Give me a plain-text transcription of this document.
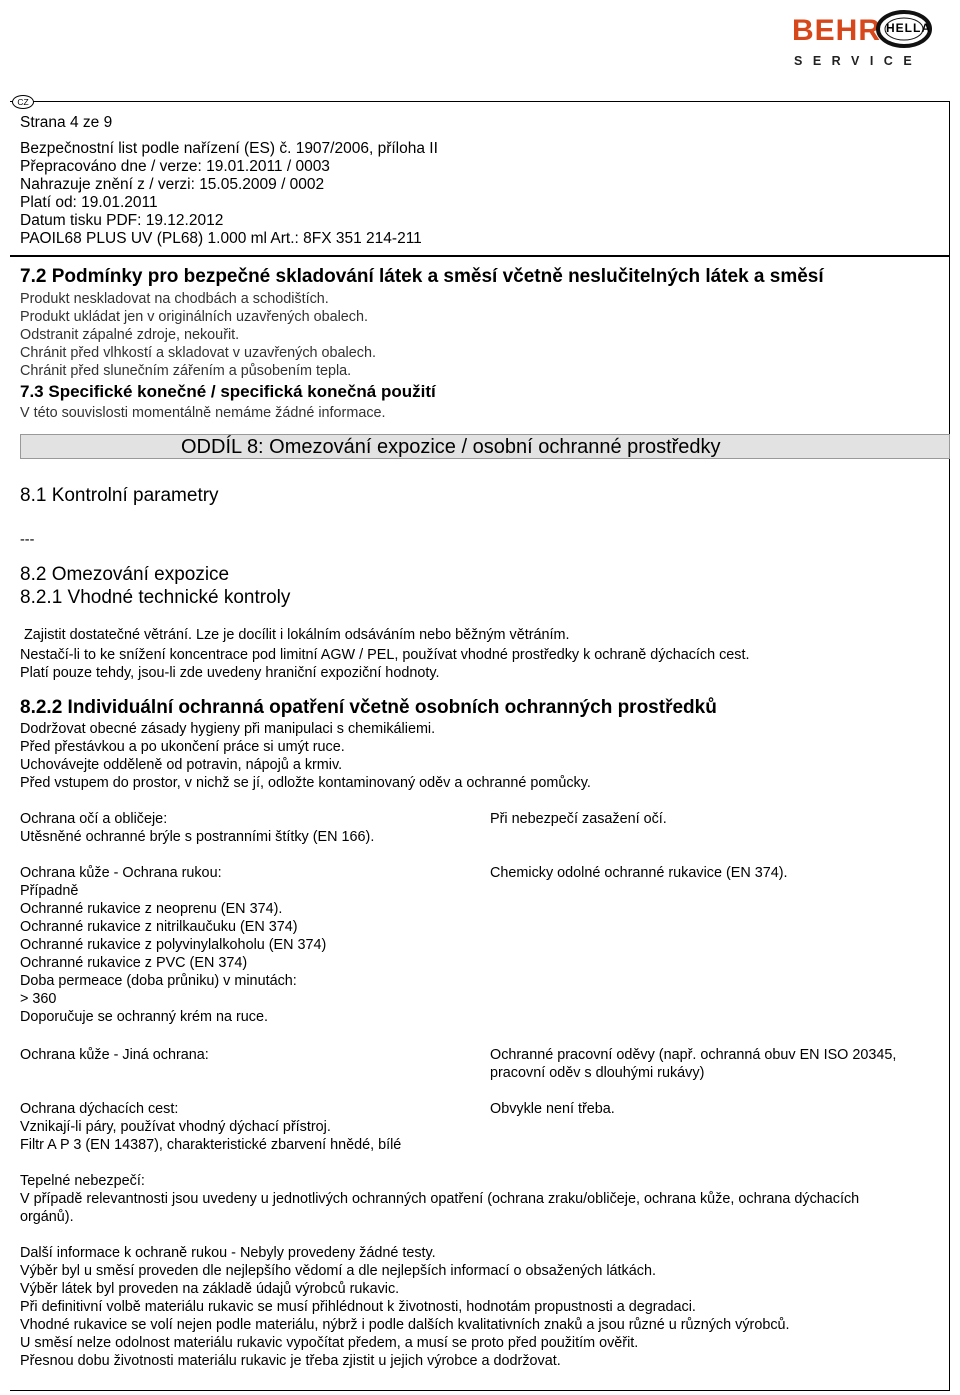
BEHR HELLA
SERVICE
CZ
Strana 4 ze 9
Bezpečnostní list podle nařízení (ES) č. 1907/2006, příloha II
Přepracováno dne / verze: 19.01.2011 / 0003
Nahrazuje znění z / verzi: 15.05.2009 / 0002
Platí od: 19.01.2011
Datum tisku PDF: 19.12.2012
PAOIL68 PLUS UV (PL68) 1.000 ml Art.: 8FX 351 214-211
7.2 Podmínky pro bezpečné skladování látek a směsí včetně neslučitelných látek a směsí
Produkt neskladovat na chodbách a schodištích.
Produkt ukládat jen v originálních uzavřených obalech.
Odstranit zápalné zdroje, nekouřit.
Chránit před vlhkostí a skladovat v uzavřených obalech.
Chránit před slunečním zářením a působením tepla.
7.3 Specifické konečné / specifická konečná použití
V této souvislosti momentálně nemáme žádné informace.
ODDÍL 8: Omezování expozice / osobní ochranné prostředky
8.1 Kontrolní parametry
---
8.2 Omezování expozice
8.2.1 Vhodné technické kontroly
Zajistit dostatečné větrání. Lze je docílit i lokálním odsáváním nebo běžným větráním.
Nestačí-li to ke snížení koncentrace pod limitní AGW / PEL, používat vhodné prostředky k ochraně dýchacích cest.
Platí pouze tehdy, jsou-li zde uvedeny hraniční expoziční hodnoty.
8.2.2 Individuální ochranná opatření včetně osobních ochranných prostředků
Dodržovat obecné zásady hygieny při manipulaci s chemikáliemi.
Před přestávkou a po ukončení práce si umýt ruce.
Uchovávejte odděleně od potravin, nápojů a krmiv.
Před vstupem do prostor, v nichž se jí, odložte kontaminovaný oděv a ochranné pomůcky.
Ochrana očí a obličeje:
Utěsněné ochranné brýle s postranními štítky (EN 166).
Při nebezpečí zasažení očí.
Ochrana kůže - Ochrana rukou:
Případně
Ochranné rukavice z neoprenu (EN 374).
Ochranné rukavice z nitrilkaučuku (EN 374)
Ochranné rukavice z polyvinylalkoholu (EN 374)
Ochranné rukavice z PVC (EN 374)
Doba permeace (doba průniku) v minutách:
> 360
Doporučuje se ochranný krém na ruce.
Chemicky odolné ochranné rukavice (EN 374).
Ochrana kůže - Jiná ochrana:	Ochranné pracovní oděvy (např. ochranná obuv EN ISO 20345,
pracovní oděv s dlouhými rukávy)
Ochrana dýchacích cest:
Vznikají-li páry, používat vhodný dýchací přístroj.
Filtr A P 3 (EN 14387), charakteristické zbarvení hnědé, bílé
Obvykle není třeba.
Tepelné nebezpečí:
V případě relevantnosti jsou uvedeny u jednotlivých ochranných opatření (ochrana zraku/obličeje, ochrana kůže, ochrana dýchacích
orgánů).
Další informace k ochraně rukou - Nebyly provedeny žádné testy.
Výběr byl u směsí proveden dle nejlepšího vědomí a dle nejlepších informací o obsažených látkách.
Výběr látek byl proveden na základě údajů výrobců rukavic.
Při definitivní volbě materiálu rukavic se musí přihlédnout k životnosti, hodnotám propustnosti a degradaci.
Vhodné rukavice se volí nejen podle materiálu, nýbrž i podle dalších kvalitativních znaků a jsou různé u různých výrobců.
U směsí nelze odolnost materiálu rukavic vypočítat předem, a musí se proto před použitím ověřit.
Přesnou dobu životnosti materiálu rukavic je třeba zjistit u jejich výrobce a dodržovat.
